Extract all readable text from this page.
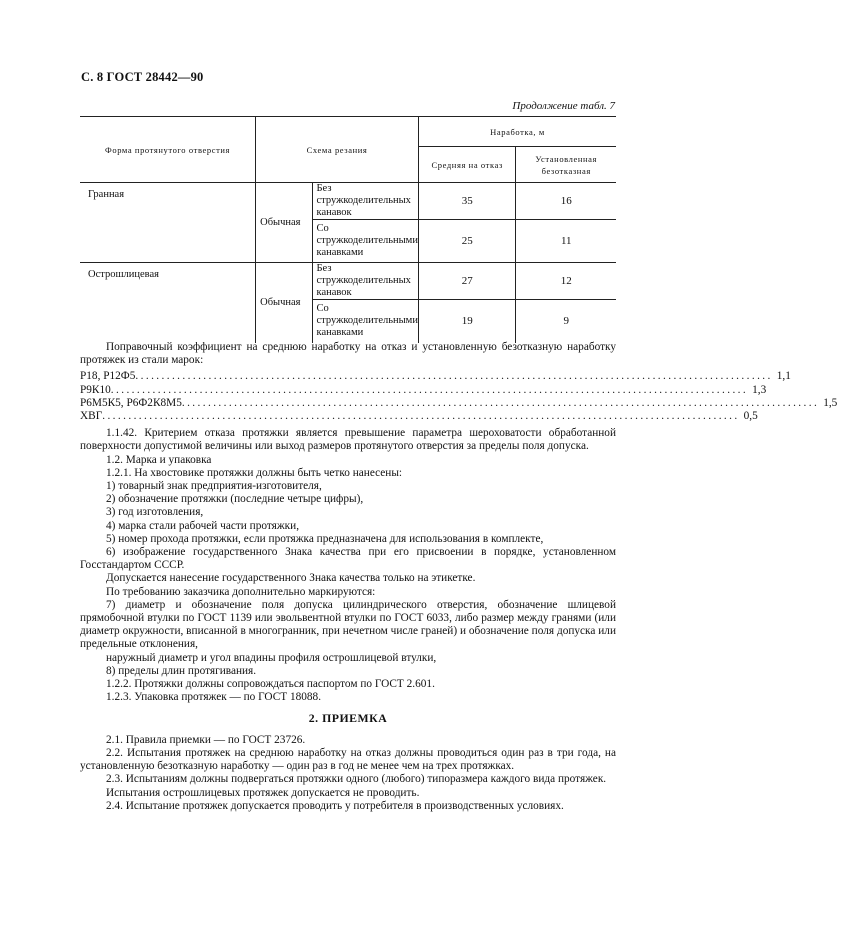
С. 8 ГОСТ 28442—90
Продолжение табл. 7
Форма протянутого отверстия	Схема резания		Наработка, м	
			Средняя на отказ	Установленная безотказная
Гранная	Обычная	Без стружкоделительных канавок	35	16
		Со стружкоделительными канавками	25	11
Острошлицевая	Обычная	Без стружкоделительных канавок	27	12
		Со стружкоделительными канавками	19	9

Поправочный коэффициент на среднюю наработку на отказ и установленную безотказную наработку протяжек из стали марок:

Р18, Р12Ф5 .......................................................................................................................... 1,1
Р9К10 .......................................................................................................................... 1,3
Р6М5К5, Р6Ф2К8М5 .......................................................................................................................... 1,5
ХВГ .......................................................................................................................... 0,5

1.1.42. Критерием отказа протяжки является превышение параметра шероховатости обработанной поверхности допустимой величины или выход размеров протянутого отверстия за пределы поля допуска.

1.2. Марка и упаковка

1.2.1. На хвостовике протяжки должны быть четко нанесены:

1) товарный знак предприятия-изготовителя,

2) обозначение протяжки (последние четыре цифры),

3) год изготовления,

4) марка стали рабочей части протяжки,

5) номер прохода протяжки, если протяжка предназначена для использования в комплекте,

6) изображение государственного Знака качества при его присвоении в порядке, установленном Госстандартом СССР.

Допускается нанесение государственного Знака качества только на этикетке.

По требованию заказчика дополнительно маркируются:

7) диаметр и обозначение поля допуска цилиндрического отверстия, обозначение шлицевой прямобочной втулки по ГОСТ 1139 или эвольвентной втулки по ГОСТ 6033, либо размер между гранями (или диаметр окружности, вписанной в многогранник, при нечетном числе граней) и обозначение поля допуска или предельные отклонения,

наружный диаметр и угол впадины профиля острошлицевой втулки,

8) пределы длин протягивания.

1.2.2. Протяжки должны сопровождаться паспортом по ГОСТ 2.601.

1.2.3. Упаковка протяжек — по ГОСТ 18088.

2. ПРИЕМКА

2.1. Правила приемки — по ГОСТ 23726.

2.2. Испытания протяжек на среднюю наработку на отказ должны проводиться один раз в три года, на установленную безотказную наработку — один раз в год не менее чем на трех протяжках.

2.3. Испытаниям должны подвергаться протяжки одного (любого) типоразмера каждого вида протяжек.

Испытания острошлицевых протяжек допускается не проводить.

2.4. Испытание протяжек допускается проводить у потребителя в производственных условиях.
